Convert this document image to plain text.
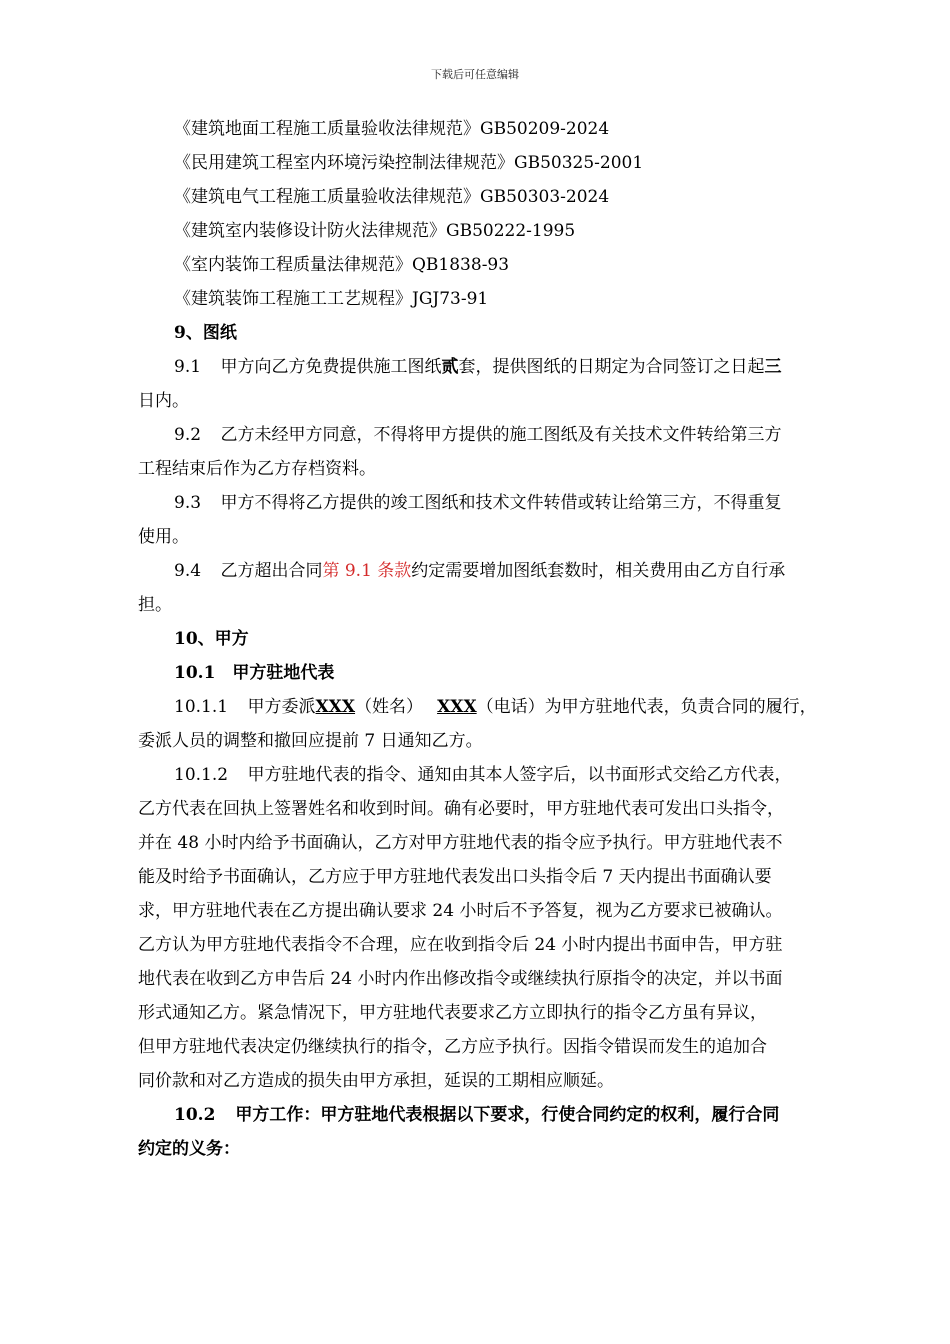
下载后可任意编辑
《建筑地面工程施工质量验收法律规范》GB50209-2024
《民用建筑工程室内环境污染控制法律规范》GB50325-2001
《建筑电气工程施工质量验收法律规范》GB50303-2024
《建筑室内装修设计防火法律规范》GB50222-1995
《室内装饰工程质量法律规范》QB1838-93
《建筑装饰工程施工工艺规程》JGJ73-91
9、图纸
9.1 甲方向乙方免费提供施工图纸贰套，提供图纸的日期定为合同签订之日起三
日内。
9.2 乙方未经甲方同意，不得将甲方提供的施工图纸及有关技术文件转给第三方
工程结束后作为乙方存档资料。
9.3 甲方不得将乙方提供的竣工图纸和技术文件转借或转让给第三方，不得重复
使用。
9.4 乙方超出合同第 9.1 条款约定需要增加图纸套数时，相关费用由乙方自行承
担。
10、甲方
10.1　甲方驻地代表
10.1.1 甲方委派XXX（姓名） XXX（电话）为甲方驻地代表，负责合同的履行，
委派人员的调整和撤回应提前 7 日通知乙方。
10.1.2 甲方驻地代表的指令、通知由其本人签字后，以书面形式交给乙方代表，
乙方代表在回执上签署姓名和收到时间。确有必要时，甲方驻地代表可发出口头指令，
并在 48 小时内给予书面确认，乙方对甲方驻地代表的指令应予执行。甲方驻地代表不
能及时给予书面确认，乙方应于甲方驻地代表发出口头指令后 7 天内提出书面确认要
求，甲方驻地代表在乙方提出确认要求 24 小时后不予答复，视为乙方要求已被确认。
乙方认为甲方驻地代表指令不合理，应在收到指令后 24 小时内提出书面申告，甲方驻
地代表在收到乙方申告后 24 小时内作出修改指令或继续执行原指令的决定，并以书面
形式通知乙方。紧急情况下，甲方驻地代表要求乙方立即执行的指令乙方虽有异议，
但甲方驻地代表决定仍继续执行的指令，乙方应予执行。因指令错误而发生的追加合
同价款和对乙方造成的损失由甲方承担，延误的工期相应顺延。
10.2 甲方工作：甲方驻地代表根据以下要求，行使合同约定的权利，履行合同
约定的义务：
